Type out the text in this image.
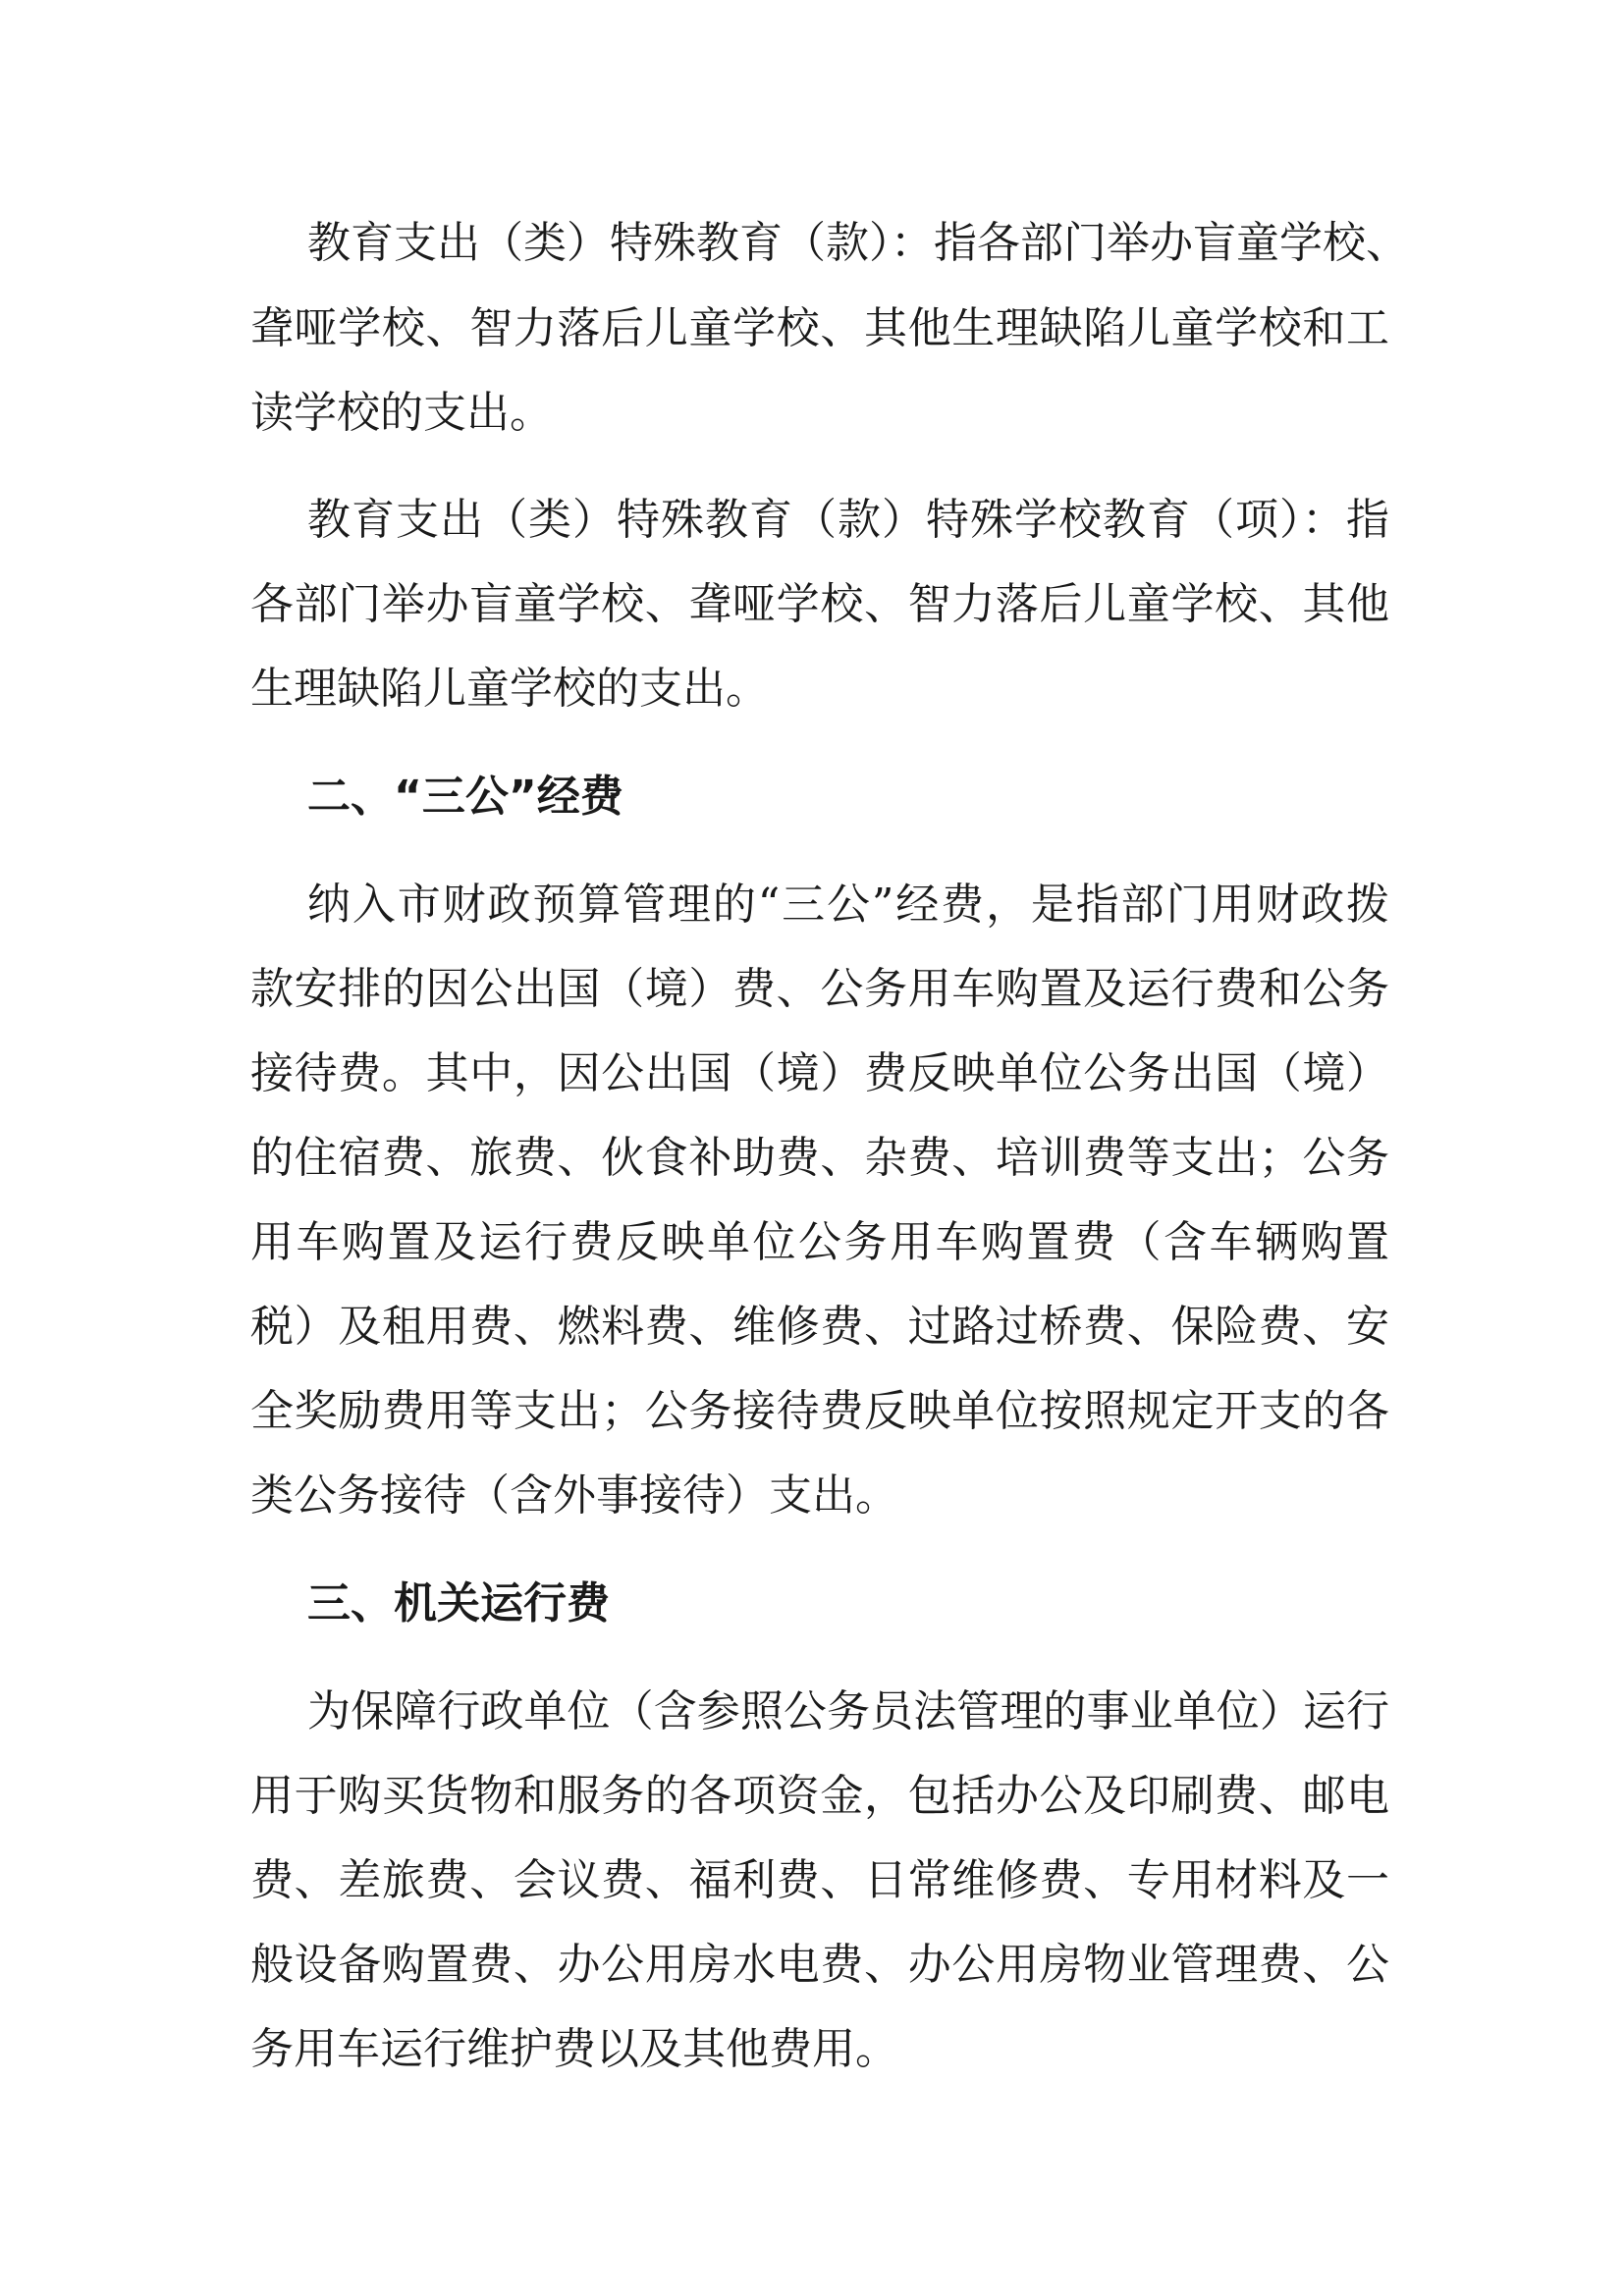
教育支出（类）特殊教育（款）：指各部门举办盲童学校、
聋哑学校、智力落后儿童学校、其他生理缺陷儿童学校和工
读学校的支出。
教育支出（类）特殊教育（款）特殊学校教育（项）：指
各部门举办盲童学校、聋哑学校、智力落后儿童学校、其他
生理缺陷儿童学校的支出。
二、“三公”经费
纳入市财政预算管理的“三公”经费，是指部门用财政拨
款安排的因公出国（境）费、公务用车购置及运行费和公务
接待费。其中，因公出国（境）费反映单位公务出国（境）
的住宿费、旅费、伙食补助费、杂费、培训费等支出；公务
用车购置及运行费反映单位公务用车购置费（含车辆购置
税）及租用费、燃料费、维修费、过路过桥费、保险费、安
全奖励费用等支出；公务接待费反映单位按照规定开支的各
类公务接待（含外事接待）支出。
三、机关运行费
为保障行政单位（含参照公务员法管理的事业单位）运行
用于购买货物和服务的各项资金，包括办公及印刷费、邮电
费、差旅费、会议费、福利费、日常维修费、专用材料及一
般设备购置费、办公用房水电费、办公用房物业管理费、公
务用车运行维护费以及其他费用。
